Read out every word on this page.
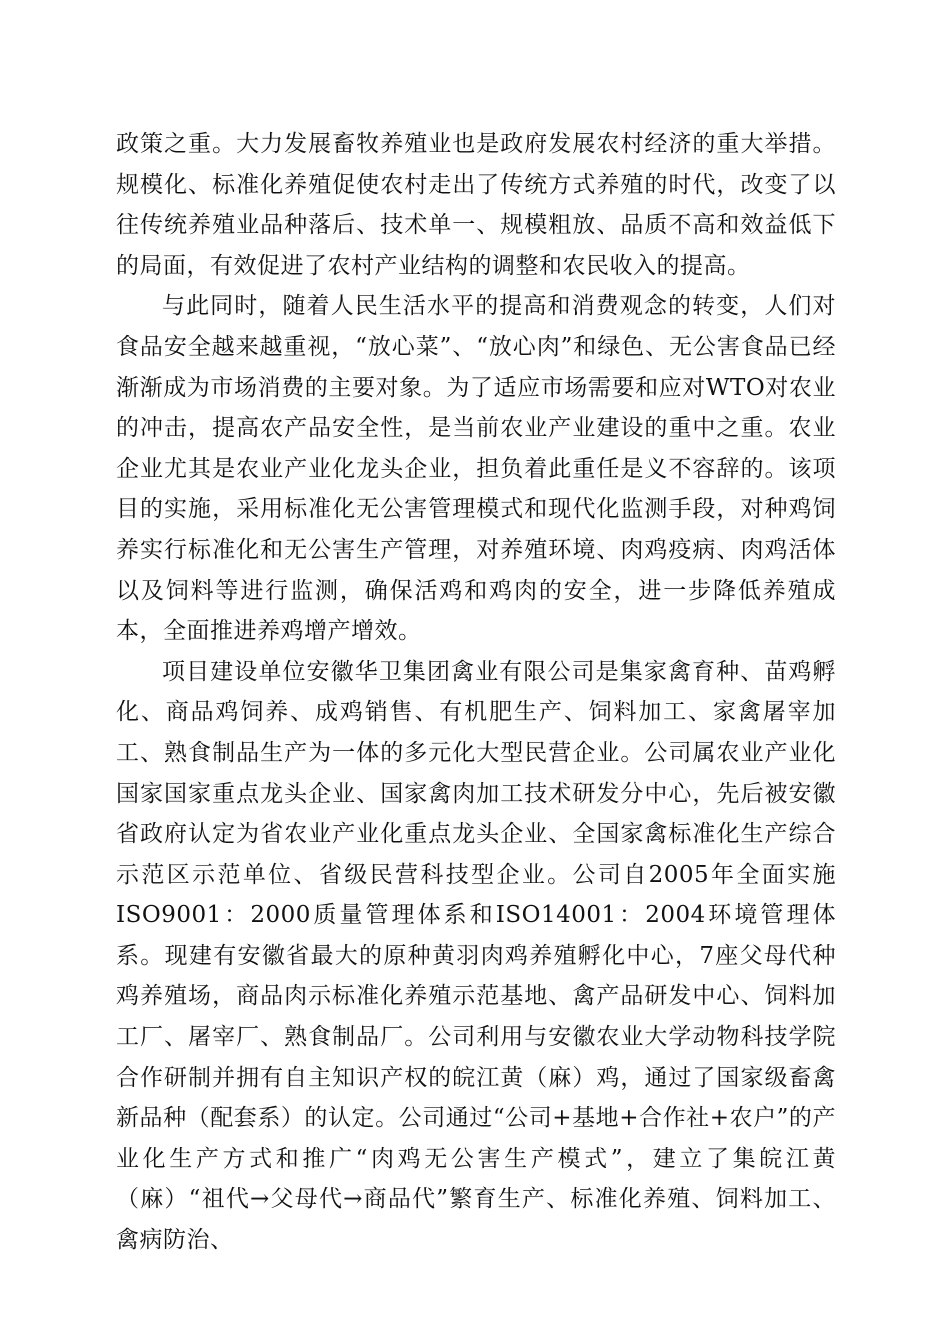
政策之重。大力发展畜牧养殖业也是政府发展农村经济的重大举措。规模化、标准化养殖促使农村走出了传统方式养殖的时代，改变了以往传统养殖业品种落后、技术单一、规模粗放、品质不高和效益低下的局面，有效促进了农村产业结构的调整和农民收入的提高。

与此同时，随着人民生活水平的提高和消费观念的转变，人们对食品安全越来越重视，“放心菜”、“放心肉”和绿色、无公害食品已经渐渐成为市场消费的主要对象。为了适应市场需要和应对WTO对农业的冲击，提高农产品安全性，是当前农业产业建设的重中之重。农业企业尤其是农业产业化龙头企业，担负着此重任是义不容辞的。该项目的实施，采用标准化无公害管理模式和现代化监测手段，对种鸡饲养实行标准化和无公害生产管理，对养殖环境、肉鸡疫病、肉鸡活体以及饲料等进行监测，确保活鸡和鸡肉的安全，进一步降低养殖成本，全面推进养鸡增产增效。

项目建设单位安徽华卫集团禽业有限公司是集家禽育种、苗鸡孵化、商品鸡饲养、成鸡销售、有机肥生产、饲料加工、家禽屠宰加工、熟食制品生产为一体的多元化大型民营企业。公司属农业产业化国家国家重点龙头企业、国家禽肉加工技术研发分中心，先后被安徽省政府认定为省农业产业化重点龙头企业、全国家禽标准化生产综合示范区示范单位、省级民营科技型企业。公司自2005年全面实施ISO9001：2000质量管理体系和ISO14001：2004环境管理体系。现建有安徽省最大的原种黄羽肉鸡养殖孵化中心，7座父母代种鸡养殖场，商品肉示标准化养殖示范基地、禽产品研发中心、饲料加工厂、屠宰厂、熟食制品厂。公司利用与安徽农业大学动物科技学院合作研制并拥有自主知识产权的皖江黄（麻）鸡，通过了国家级畜禽新品种（配套系）的认定。公司通过“公司+基地+合作社+农户”的产业化生产方式和推广“肉鸡无公害生产模式”，建立了集皖江黄（麻）“祖代→父母代→商品代”繁育生产、标准化养殖、饲料加工、禽病防治、
